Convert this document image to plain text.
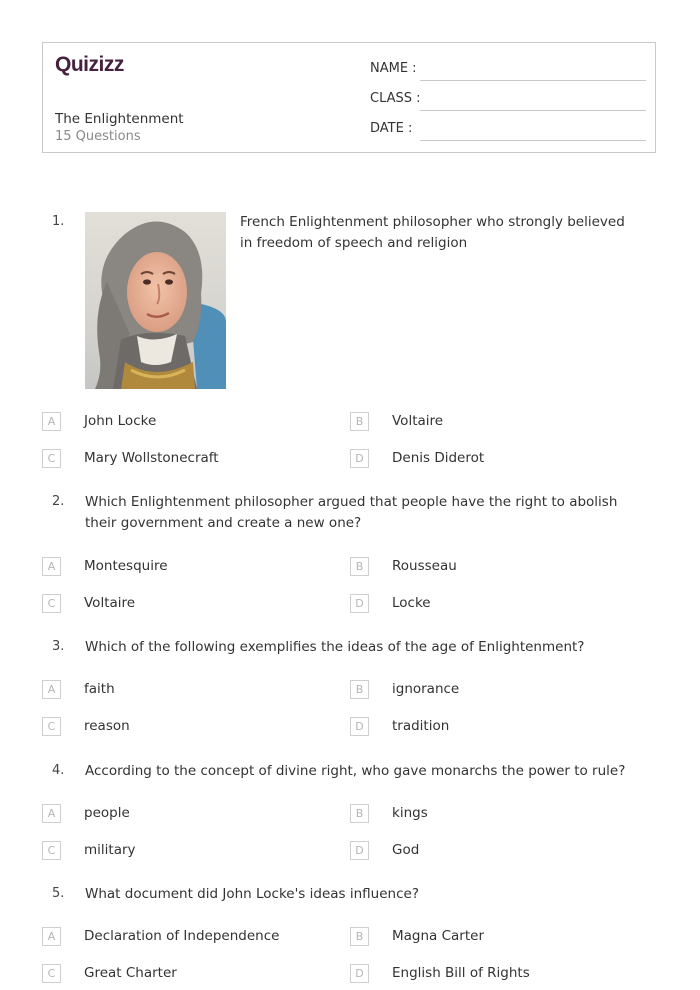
Quizizz
The Enlightenment
15 Questions
NAME :
CLASS :
DATE :
1.	French Enlightenment philosopher who strongly believed in freedom of speech and religion
A	John Locke	B	Voltaire
C	Mary Wollstonecraft	D	Denis Diderot
2. Which Enlightenment philosopher argued that people have the right to abolish their government and create a new one?
A	Montesquire	B	Rousseau
C	Voltaire	D	Locke
3. Which of the following exemplifies the ideas of the age of Enlightenment?
A	faith	B	ignorance
C	reason	D	tradition
4. According to the concept of divine right, who gave monarchs the power to rule?
A	people	B	kings
C	military	D	God
5. What document did John Locke's ideas influence?
A	Declaration of Independence	B	Magna Carter
C	Great Charter	D	English Bill of Rights
